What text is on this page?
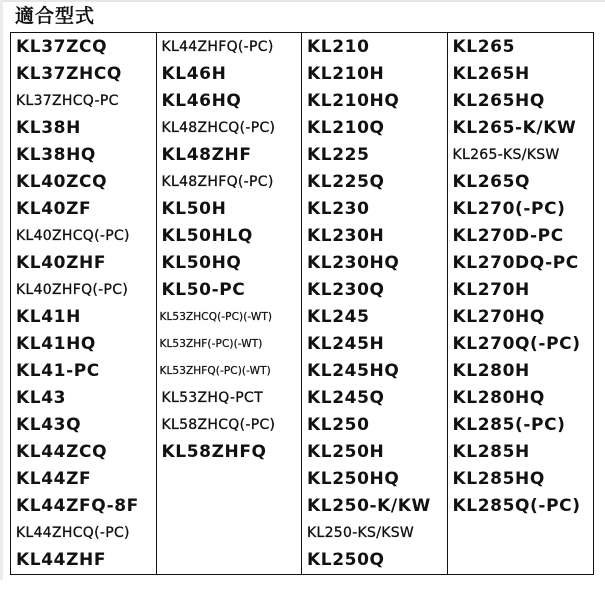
適合型式
KL37ZCQ
KL37ZHCQ
KL37ZHCQ-PC
KL38H
KL38HQ
KL40ZCQ
KL40ZF
KL40ZHCQ(-PC)
KL40ZHF
KL40ZHFQ(-PC)
KL41H
KL41HQ
KL41-PC
KL43
KL43Q
KL44ZCQ
KL44ZF
KL44ZFQ-8F
KL44ZHCQ(-PC)
KL44ZHF
KL44ZHFQ(-PC)
KL46H
KL46HQ
KL48ZHCQ(-PC)
KL48ZHF
KL48ZHFQ(-PC)
KL50H
KL50HLQ
KL50HQ
KL50-PC
KL53ZHCQ(-PC)(-WT)
KL53ZHF(-PC)(-WT)
KL53ZHFQ(-PC)(-WT)
KL53ZHQ-PCT
KL58ZHCQ(-PC)
KL58ZHFQ
KL210
KL210H
KL210HQ
KL210Q
KL225
KL225Q
KL230
KL230H
KL230HQ
KL230Q
KL245
KL245H
KL245HQ
KL245Q
KL250
KL250H
KL250HQ
KL250-K/KW
KL250-KS/KSW
KL250Q
KL265
KL265H
KL265HQ
KL265-K/KW
KL265-KS/KSW
KL265Q
KL270(-PC)
KL270D-PC
KL270DQ-PC
KL270H
KL270HQ
KL270Q(-PC)
KL280H
KL280HQ
KL285(-PC)
KL285H
KL285HQ
KL285Q(-PC)
